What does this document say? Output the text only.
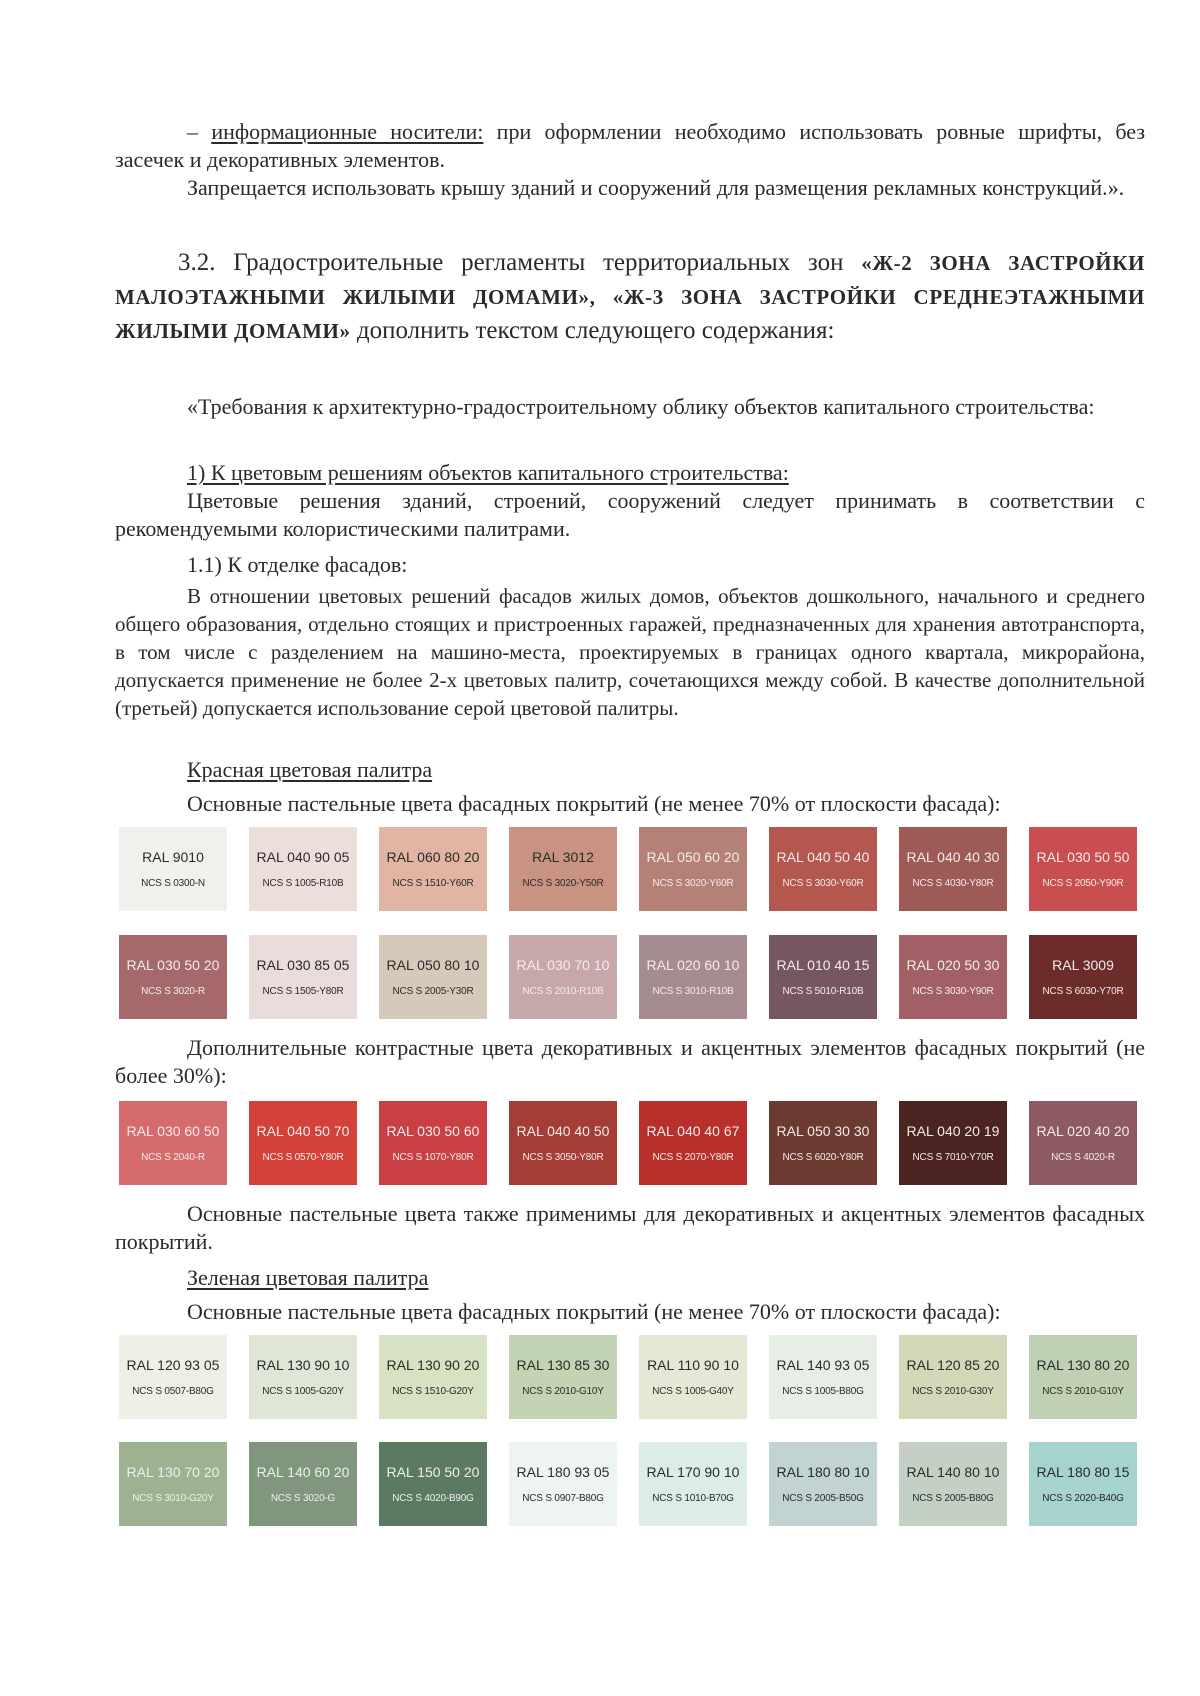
– информационные носители: при оформлении необходимо использовать ровные шрифты, без засечек и декоративных элементов.
Запрещается использовать крышу зданий и сооружений для размещения рекламных конструкций.».
3.2. Градостроительные регламенты территориальных зон «Ж-2 ЗОНА ЗАСТРОЙКИ МАЛОЭТАЖНЫМИ ЖИЛЫМИ ДОМАМИ», «Ж-3 ЗОНА ЗАСТРОЙКИ СРЕДНЕЭТАЖНЫМИ ЖИЛЫМИ ДОМАМИ» дополнить текстом следующего содержания:
«Требования к архитектурно-градостроительному облику объектов капитального строительства:
1) К цветовым решениям объектов капитального строительства:
Цветовые решения зданий, строений, сооружений следует принимать в соответствии с рекомендуемыми колористическими палитрами.
1.1) К отделке фасадов:
В отношении цветовых решений фасадов жилых домов, объектов дошкольного, начального и среднего общего образования, отдельно стоящих и пристроенных гаражей, предназначенных для хранения автотранспорта, в том числе с разделением на машино-места, проектируемых в границах одного квартала, микрорайона, допускается применение не более 2-х цветовых палитр, сочетающихся между собой. В качестве дополнительной (третьей) допускается использование серой цветовой палитры.
Красная цветовая палитра
Основные пастельные цвета фасадных покрытий (не менее 70% от плоскости фасада):
RAL 9010
NCS S 0300-N
RAL 040 90 05
NCS S 1005-R10B
RAL 060 80 20
NCS S 1510-Y60R
RAL 3012
NCS S 3020-Y50R
RAL 050 60 20
NCS S 3020-Y60R
RAL 040 50 40
NCS S 3030-Y60R
RAL 040 40 30
NCS S 4030-Y80R
RAL 030 50 50
NCS S 2050-Y90R
RAL 030 50 20
NCS S 3020-R
RAL 030 85 05
NCS S 1505-Y80R
RAL 050 80 10
NCS S 2005-Y30R
RAL 030 70 10
NCS S 2010-R10B
RAL 020 60 10
NCS S 3010-R10B
RAL 010 40 15
NCS S 5010-R10B
RAL 020 50 30
NCS S 3030-Y90R
RAL 3009
NCS S 6030-Y70R
Дополнительные контрастные цвета декоративных и акцентных элементов фасадных покрытий (не более 30%):
RAL 030 60 50
NCS S 2040-R
RAL 040 50 70
NCS S 0570-Y80R
RAL 030 50 60
NCS S 1070-Y80R
RAL 040 40 50
NCS S 3050-Y80R
RAL 040 40 67
NCS S 2070-Y80R
RAL 050 30 30
NCS S 6020-Y80R
RAL 040 20 19
NCS S 7010-Y70R
RAL 020 40 20
NCS S 4020-R
Основные пастельные цвета также применимы для декоративных и акцентных элементов фасадных покрытий.
Зеленая цветовая палитра
Основные пастельные цвета фасадных покрытий (не менее 70% от плоскости фасада):
RAL 120 93 05
NCS S 0507-B80G
RAL 130 90 10
NCS S 1005-G20Y
RAL 130 90 20
NCS S 1510-G20Y
RAL 130 85 30
NCS S 2010-G10Y
RAL 110 90 10
NCS S 1005-G40Y
RAL 140 93 05
NCS S 1005-B80G
RAL 120 85 20
NCS S 2010-G30Y
RAL 130 80 20
NCS S 2010-G10Y
RAL 130 70 20
NCS S 3010-G20Y
RAL 140 60 20
NCS S 3020-G
RAL 150 50 20
NCS S 4020-B90G
RAL 180 93 05
NCS S 0907-B80G
RAL 170 90 10
NCS S 1010-B70G
RAL 180 80 10
NCS S 2005-B50G
RAL 140 80 10
NCS S 2005-B80G
RAL 180 80 15
NCS S 2020-B40G
